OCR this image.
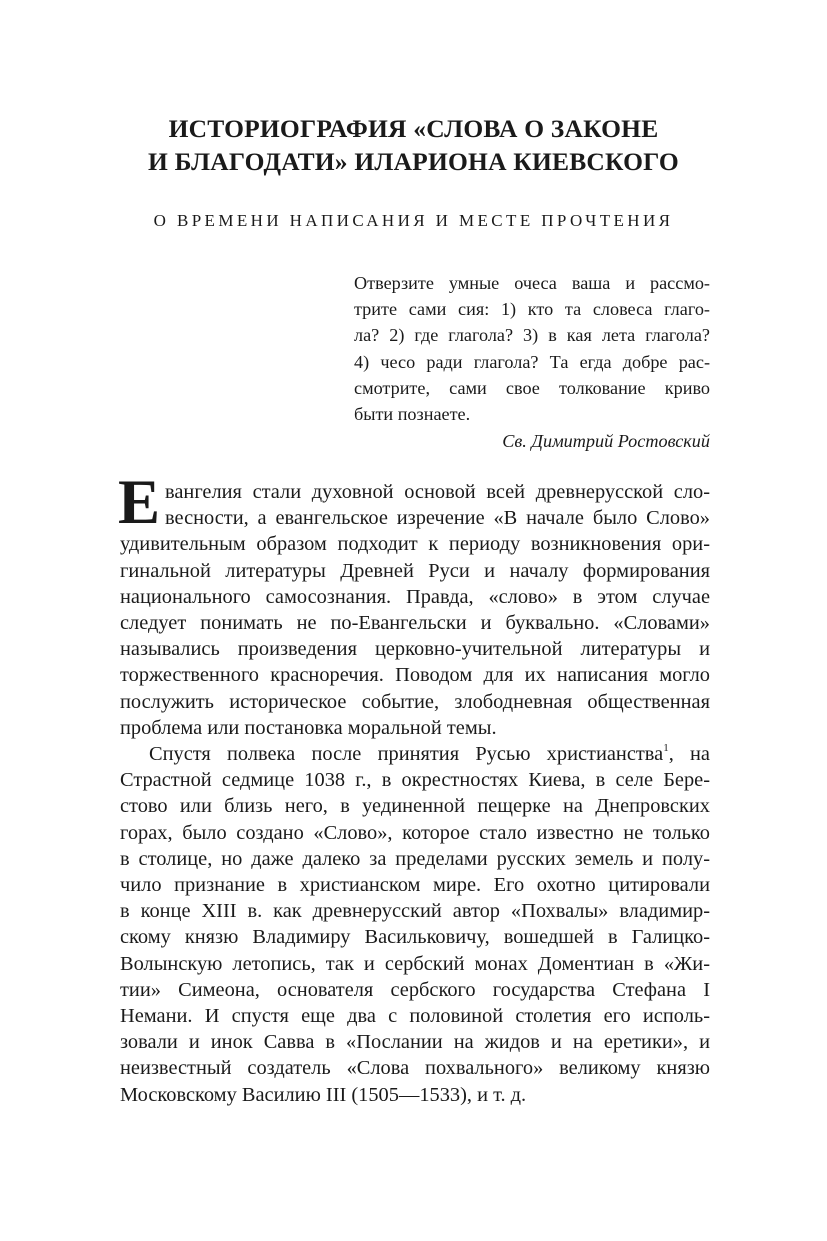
ИСТОРИОГРАФИЯ «СЛОВА О ЗАКОНЕ
И БЛАГОДАТИ» ИЛАРИОНА КИЕВСКОГО
О ВРЕМЕНИ НАПИСАНИЯ И МЕСТЕ ПРОЧТЕНИЯ
Отверзите умные очеса ваша и рассмо-
трите сами сия: 1) кто та словеса глаго-
ла? 2) где глагола? 3) в кая лета глагола?
4) чесо ради глагола? Та егда добре рас-
смотрите, сами свое толкование криво
быти познаете.
Св. Димитрий Ростовский
Е вангелия стали духовной основой всей древнерусской сло-
весности, а евангельское изречение «В начале было Слово»
удивительным образом подходит к периоду возникновения ори-
гинальной литературы Древней Руси и началу формирования
национального самосознания. Правда, «слово» в этом случае
следует понимать не по-Евангельски и буквально. «Словами»
назывались произведения церковно-учительной литературы и
торжественного красноречия. Поводом для их написания могло
послужить историческое событие, злободневная общественная
проблема или постановка моральной темы.
Спустя полвека после принятия Русью христианства$^1$, на
Страстной седмице 1038 г., в окрестностях Киева, в селе Бере-
стово или близь него, в уединенной пещерке на Днепровских
горах, было создано «Слово», которое стало известно не только
в столице, но даже далеко за пределами русских земель и полу-
чило признание в христианском мире. Его охотно цитировали
в конце XIII в. как древнерусский автор «Похвалы» владимир-
скому князю Владимиру Васильковичу, вошедшей в Галицко-
Волынскую летопись, так и сербский монах Доментиан в «Жи-
тии» Симеона, основателя сербского государства Стефана I
Немани. И спустя еще два с половиной столетия его исполь-
зовали и инок Савва в «Послании на жидов и на еретики», и
неизвестный создатель «Слова похвального» великому князю
Московскому Василию III (1505—1533), и т. д.
